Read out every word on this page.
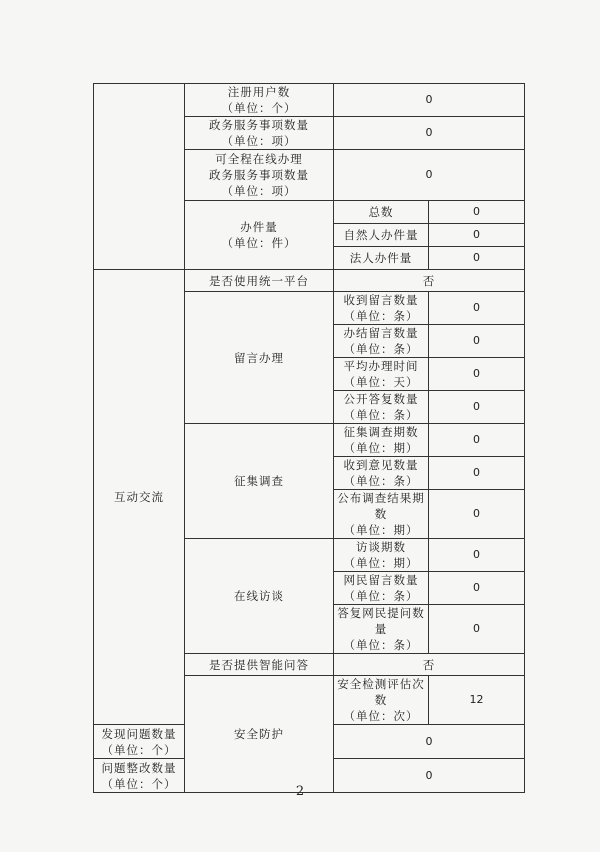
	注册用户数
（单位：个）	0	

	政务服务事项数量
（单位：项）	0	

	可全程在线办理
政务服务事项数量
（单位：项）	0	

	办件量
（单位：件）	总数	0
		自然人办件量	0
		法人办件量	0
互动交流	是否使用统一平台	否	
	留言办理	收到留言数量
（单位：条）	0

		办结留言数量
（单位：条）	0

		平均办理时间
（单位：天）	0

		公开答复数量
（单位：条）	0
	征集调查	征集调查期数
（单位：期）	0

		收到意见数量
（单位：条）	0

		公布调查结果期数
（单位：期）	0
	在线访谈	访谈期数
（单位：期）	0

		网民留言数量
（单位：条）	0

		答复网民提问数量
（单位：条）	0
	是否提供智能问答	否	
	安全防护	安全检测评估次数
（单位：次）	12

发现问题数量
（单位：个）		0	

问题整改数量
（单位：个）		0	
2
